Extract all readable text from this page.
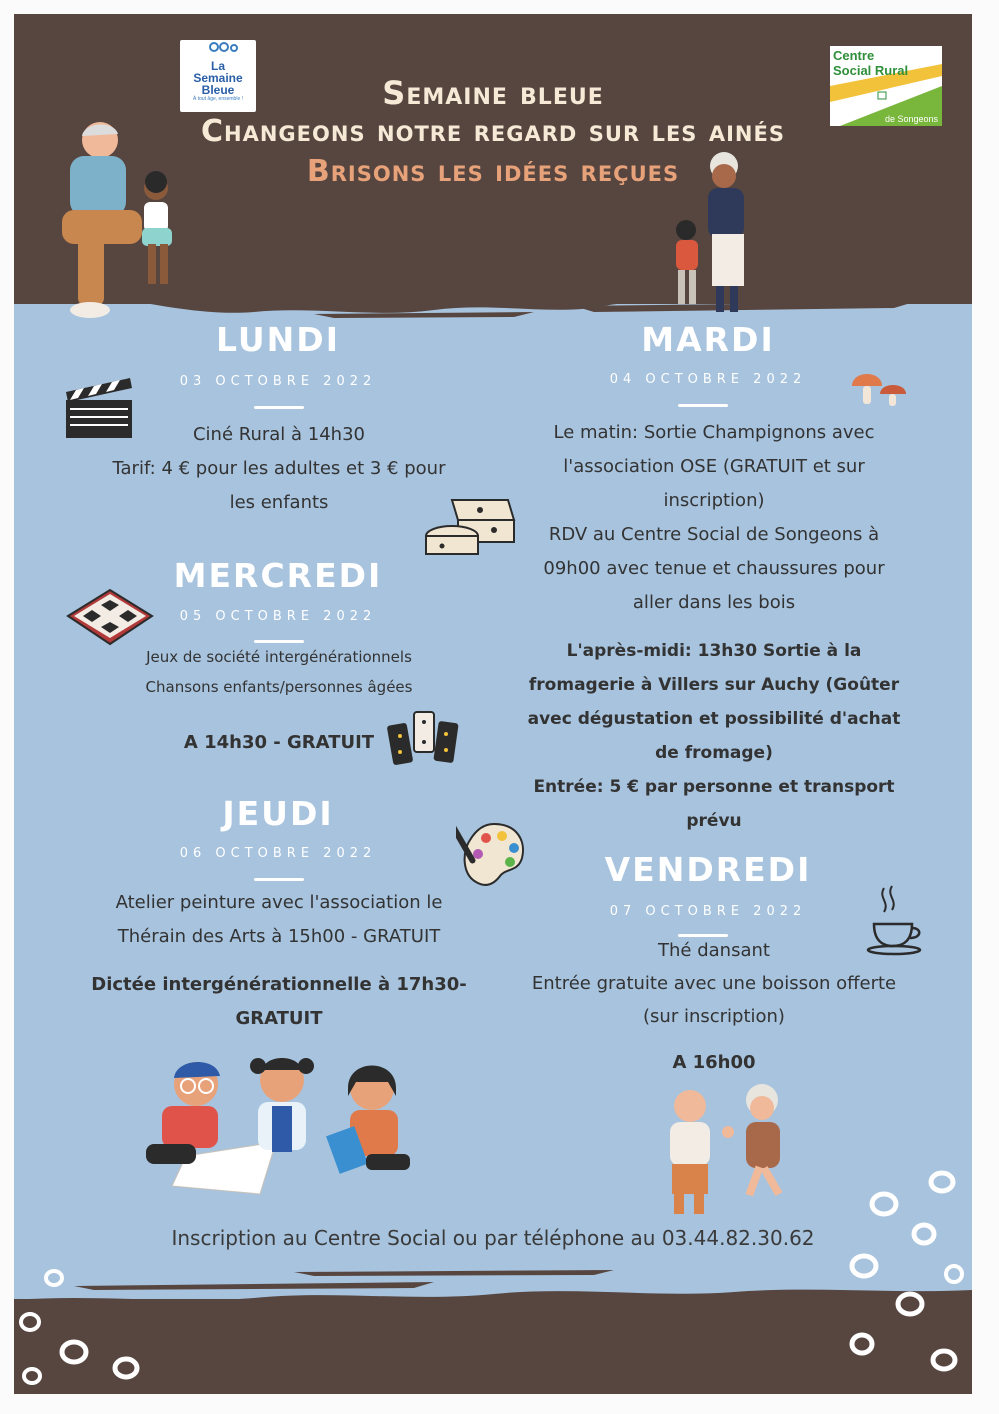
La
Semaine
Bleue
À tout âge, ensemble !
Centre
Social Rural
de Songeons
Semaine bleue
Changeons notre regard sur les ainés
Brisons les idées reçues
LUNDI
03 OCTOBRE 2022
Ciné Rural à 14h30
Tarif: 4 € pour les adultes et 3 € pour
les enfants
MARDI
04 OCTOBRE 2022
Le matin: Sortie Champignons avec
l'association OSE (GRATUIT et sur
inscription)
RDV au Centre Social de Songeons à
09h00 avec tenue et chaussures pour
aller dans les bois
L'après-midi: 13h30 Sortie à la
fromagerie à Villers sur Auchy (Goûter
avec dégustation et possibilité d'achat
de fromage)
Entrée: 5 € par personne et transport
prévu
MERCREDI
05 OCTOBRE 2022
Jeux de société intergénérationnels
Chansons enfants/personnes âgées
A 14h30 - GRATUIT
JEUDI
06 OCTOBRE 2022
Atelier peinture avec l'association le
Thérain des Arts à 15h00 - GRATUIT
Dictée intergénérationnelle à 17h30-
GRATUIT
VENDREDI
07 OCTOBRE 2022
Thé dansant
Entrée gratuite avec une boisson offerte
(sur inscription)
A 16h00
Inscription au Centre Social ou par téléphone au 03.44.82.30.62
